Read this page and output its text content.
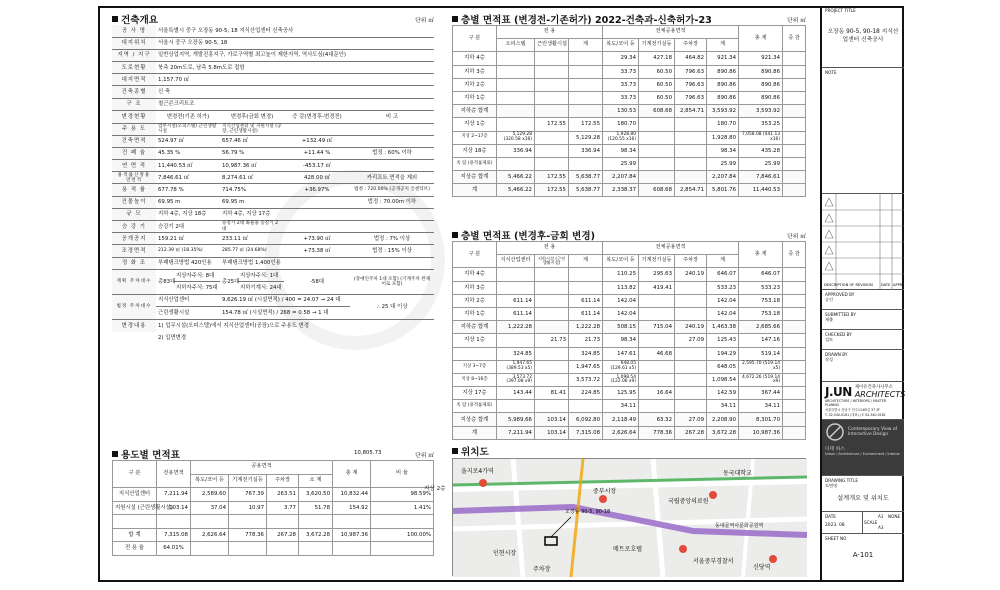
건축개요	단위 ㎡
공 사 명	서울특별시 중구 오장동 90-5, 18 지식산업센터 신축공사
대지위치	서울시 중구 오장동 90-5, 18
지역 / 지구	일반상업지역, 개발진흥지구, 가로구역별 최고높이 제한지역, 역사도심(4대문안)
도로현황	북측 20m도로, 남측 5.8m도로 접함
대지면적	1,157.70 ㎡
건축종별	신 축
구 조	철근콘크리트조
변경현황	변경전(기존 허가)	변경후(금회 변경)	증 감(변경후-변경전)	비 고
주 용 도	업무시설(오피스텔) 근린생활시설	지식산업센터 및 지원시설 (공장, 근린생활시설)		
건축면적	524.97 ㎡	657.46 ㎡	+132.49 ㎡	
건 폐 율	45.35 %	56.79 %	+11.44 %	법정 : 60% 이하
연 면 적	11,440.53 ㎡	10,987.36 ㎡	-453.17 ㎡	
용적률산정용 연면적	7,846.61 ㎡	8,274.61 ㎡	428.00 ㎡	카리프트 면적을 제외
용 적 률	677.78 %	714.75%	+36.97%	법정 : 720.00% (공개공지 인센티브)
건물높이	69.95 m	69.95 m		법정 : 70.00m 이하
규 모	지하 4층, 지상 18층	지하 4층, 지상 17층		
승 강 기	승강기 2대	승강기 2대 화물용 승강기 2대		
공개공지	159.21 ㎡	233.11 ㎡	+73.90 ㎡	법정 : 7% 이상
조경면적	212.39 ㎡ (18.35%)	285.77 ㎡ (24.68%)	+73.38 ㎡	법정 : 15% 이상
정 화 조	부패탱크방법 420인용	부패탱크방법 1,400인용		
계획 주차대수	총83대	지상자주식: 8대	총25대	지상자주식: 1대	-58대	(장애인주차 1대 포함) (기계주차 완제어로 포함)
		지하자주식: 75대		지하기계식: 24대		
법정 주차대수	지식산업센터	9,626.19 ㎡ (시설면적) / 400 = 24.07 → 24 대	∴ 25 대 이상
	근린생활시설	154.78 ㎡ (시설면적) / 268 = 0.58 → 1 대	
변경내용	1) 업무시설(오피스텔)에서 지식산업센터(공장)으로 주용도 변경
	2) 입면변경
용도별 면적표	10,805.73	단위 ㎡
구 분	전용면적	공용면적				총 계	비 율
		복도/코어 등	기계전기실등	주차장	소 계		
지식산업센터	7,211.94	2,589.60	767.39	263.51	3,620.50	10,832.44	98.59%
지원시설 (근린생활시설)	103.14	37.04	10.97	3.77	51.78	154.92	1.41%

합 계	7,315.08	2,626.64	778.36	267.28	3,672.28	10,987.36	100.00%
전 용 율	64.01%						
층별 면적표 (변경전-기존허가) 2022-건축과-신축허가-23	단위 ㎡
구 분	전 용			전체공용면적				총 계	증 감
	오피스텔	근린생활시설	계	복도/코어 등	기계전기실등	주차장	계		
지하 4층				29.34	427.18	464.82	921.34	921.34	
지하 3층				33.73	60.50	796.63	890.86	890.86	
지하 2층				33.73	60.50	796.63	890.86	890.86	
지하 1층				33.73	60.50	796.63	890.86	890.86	
지하층 합계				130.53	608.68	2,854.71	3,593.92	3,593.92	
지상 1층		172.55	172.55	180.70			180.70	353.25	
지상 2~17층	5,129.28 (320.58 x16)		5,129.28	1,928.80 (120.55 x16)			1,928.80	7,058.08 (441.13 x16)	
지상 18층	336.94		336.94	98.34			98.34	435.28	
옥 탑 (용적률제외)				25.99			25.99	25.99	
지상층 합계	5,466.22	172.55	5,638.77	2,207.84			2,207.84	7,846.61	
계	5,466.22	172.55	5,638.77	2,338.37	608.68	2,854.71	5,801.76	11,440.53	
층별 면적표 (변경후-금회 변경)	단위 ㎡
구 분	전 용			전체공용면적				총 계	증 감
	지식산업센터	지원시설 (근린생활시설)	계	복도/코어 등	기계전기실등	주차장	계		
지하 4층				110.25	295.63	240.19	646.07	646.07	
지하 3층				113.82	419.41		533.23	533.23	
지하 2층	611.14		611.14	142.04			142.04	753.18	
지하 1층	611.14		611.14	142.04			142.04	753.18	
지하층 합계	1,222.28		1,222.28	508.15	715.04	240.19	1,463.38	2,685.66	
지상 1층		21.73	21.73	98.34		27.09	125.43	147.16	
	324.85		324.85	147.61	46.68		194.29	519.14	
지상 3~7층	1,947.65 (389.53 x5)		1,947.65	648.05 (129.61 x5)			648.05	2,595.70 (519.14 x5)	
지상 8~16층	3,573.72 (397.08 x9)		3,573.72	1,098.54 (122.06 x9)			1,098.54	4,672.26 (519.14 x9)	
지상 17층	143.44	81.41	224.85	125.95	16.64		142.59	367.44	
옥 탑 (용적률제외)				34.11			34.11	34.11	
지상층 합계	5,989.66	103.14	6,092.80	2,118.49	63.32	27.09	2,208.90	8,301.70	
계	7,211.94	103.14	7,315.08	2,626.64	778.36	267.28	3,672.28	10,987.36	
위치도
지상 2층
을지로4가역
오장동 90-5, 90-18
중부시장
인현시장
국립중앙의료원
메트로호텔
동대문역사문화공원역
주차장	신당역
서울중부경찰서
동국대학교
PROJECT TITLE
오장동 90-5, 90-18 지식산업센터 신축공사
NOTE
DESCRIPTION OF REVISION DATE APPR
APPROVED BY
승인
SUBMITTED BY
제출
CHECKED BY
검토
DRAWN BY
작성
J.UN 제이유건축사사무소
ARCHITECTS
ARCHITECTURE / INTERIORS / MASTER PLANING
서울특별시 강남구 언주로165길 37 3F
T. 02-540-0161 (대표) / F. 02-540-0161
Contemporary View of Interactive Design
디테 하스
Urban / Architecture / Environment / Interior
DRAWING TITLE
도면명
설계개요 및 위치도
DATE
2023. 08.
SCALE
A1
A3
NONE
SHEET NO
A-101
